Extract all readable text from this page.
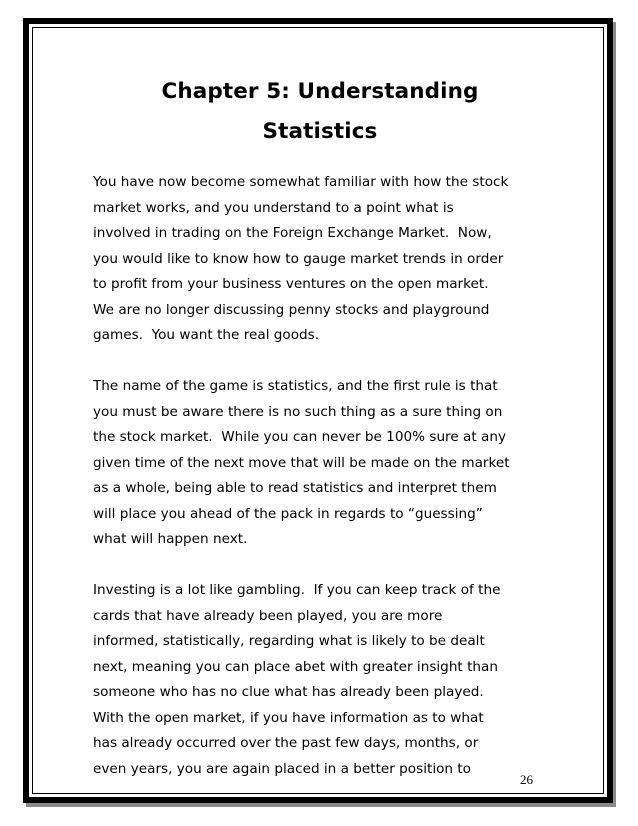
Chapter 5: Understanding
Statistics

You have now become somewhat familiar with how the stock
market works, and you understand to a point what is
involved in trading on the Foreign Exchange Market.  Now,
you would like to know how to gauge market trends in order
to profit from your business ventures on the open market.
We are no longer discussing penny stocks and playground
games.  You want the real goods.

The name of the game is statistics, and the first rule is that
you must be aware there is no such thing as a sure thing on
the stock market.  While you can never be 100% sure at any
given time of the next move that will be made on the market
as a whole, being able to read statistics and interpret them
will place you ahead of the pack in regards to “guessing”
what will happen next.

Investing is a lot like gambling.  If you can keep track of the
cards that have already been played, you are more
informed, statistically, regarding what is likely to be dealt
next, meaning you can place abet with greater insight than
someone who has no clue what has already been played.
With the open market, if you have information as to what
has already occurred over the past few days, months, or
even years, you are again placed in a better position to

26
